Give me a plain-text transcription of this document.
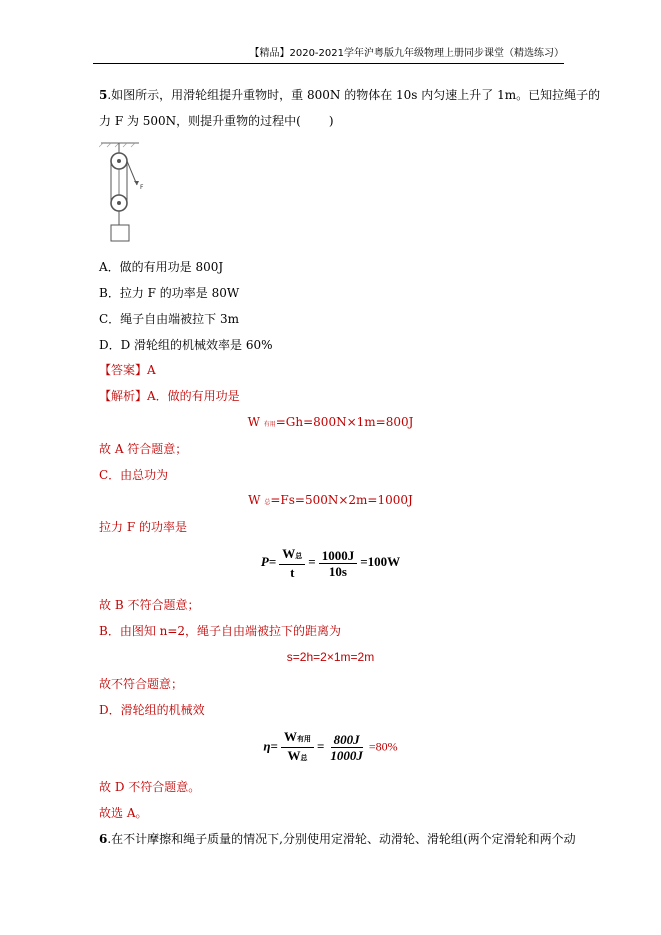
【精品】2020-2021学年沪粤版九年级物理上册同步课堂（精选练习）
5.如图所示，用滑轮组提升重物时，重 800N 的物体在 10s 内匀速上升了 1m。已知拉绳子的
力 F 为 500N，则提升重物的过程中( )
F
A．做的有用功是 800J
B．拉力 F 的功率是 80W
C．绳子自由端被拉下 3m
D．D 滑轮组的机械效率是 60%
【答案】A
【解析】A．做的有用功是
W 有用=Gh=800N×1m=800J
故 A 符合题意；
C．由总功为
W 总=Fs=500N×2m=1000J
拉力 F 的功率是
$P= \frac{\text{W总}}{t} = \frac{1000J}{10s} =100W$
故 B 不符合题意；
B．由图知 n=2，绳子自由端被拉下的距离为
s=2h=2×1m=2m
故不符合题意；
D．滑轮组的机械效
$\eta= \frac{\text{W有用}}{\text{W总}} = \frac{800J}{1000J} =80\%$
故 D 不符合题意。
故选 A。
6.在不计摩擦和绳子质量的情况下,分别使用定滑轮、动滑轮、滑轮组(两个定滑轮和两个动
